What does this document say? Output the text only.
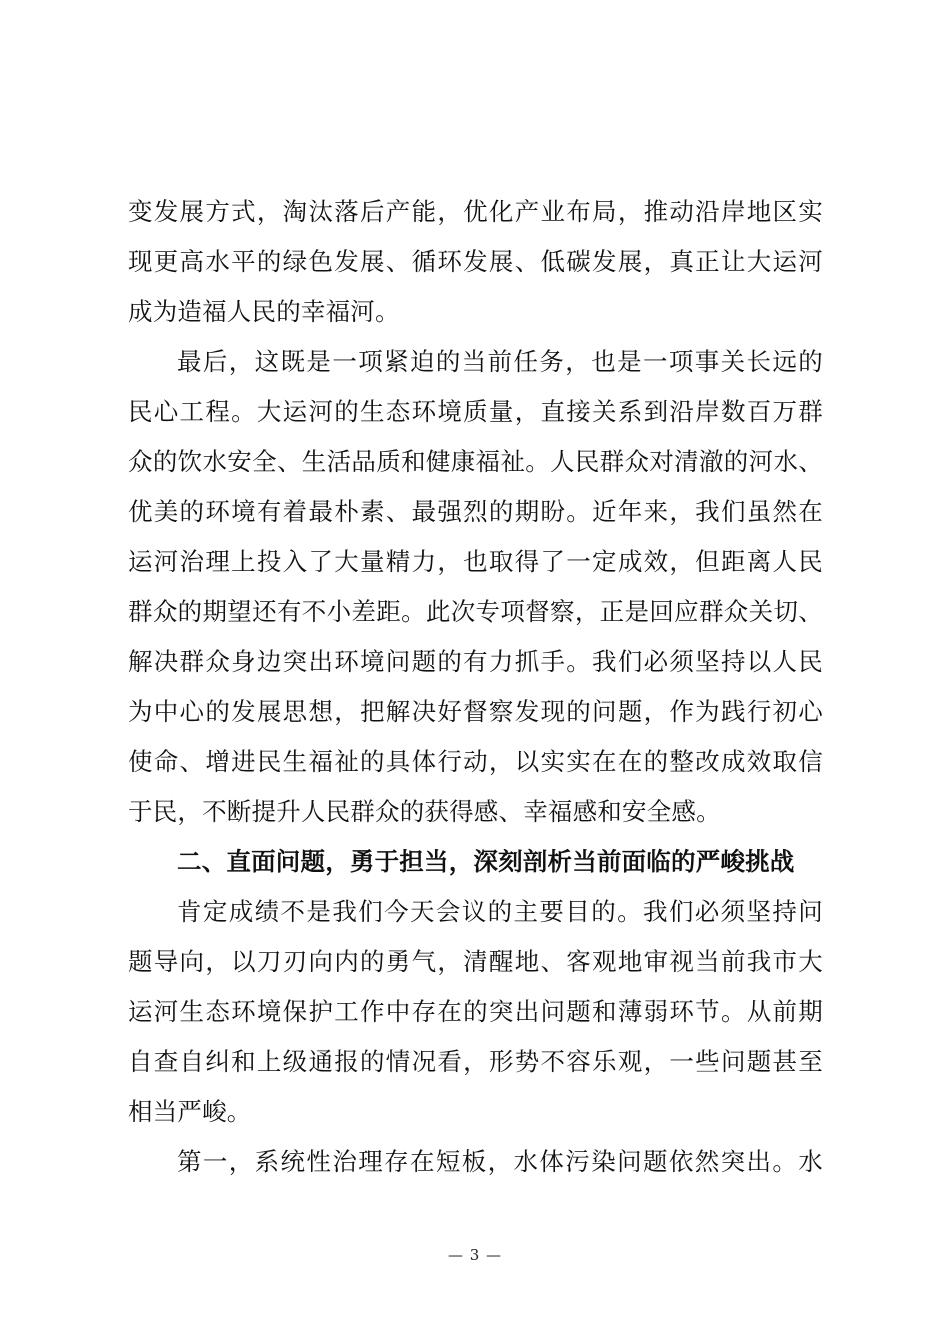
变发展方式，淘汰落后产能，优化产业布局，推动沿岸地区实
现更高水平的绿色发展、循环发展、低碳发展，真正让大运河
成为造福人民的幸福河。
最后，这既是一项紧迫的当前任务，也是一项事关长远的
民心工程。大运河的生态环境质量，直接关系到沿岸数百万群
众的饮水安全、生活品质和健康福祉。人民群众对清澈的河水、
优美的环境有着最朴素、最强烈的期盼。近年来，我们虽然在
运河治理上投入了大量精力，也取得了一定成效，但距离人民
群众的期望还有不小差距。此次专项督察，正是回应群众关切、
解决群众身边突出环境问题的有力抓手。我们必须坚持以人民
为中心的发展思想，把解决好督察发现的问题，作为践行初心
使命、增进民生福祉的具体行动，以实实在在的整改成效取信
于民，不断提升人民群众的获得感、幸福感和安全感。
二、直面问题，勇于担当，深刻剖析当前面临的严峻挑战
肯定成绩不是我们今天会议的主要目的。我们必须坚持问
题导向，以刀刃向内的勇气，清醒地、客观地审视当前我市大
运河生态环境保护工作中存在的突出问题和薄弱环节。从前期
自查自纠和上级通报的情况看，形势不容乐观，一些问题甚至
相当严峻。
第一，系统性治理存在短板，水体污染问题依然突出。水
— 3 —
